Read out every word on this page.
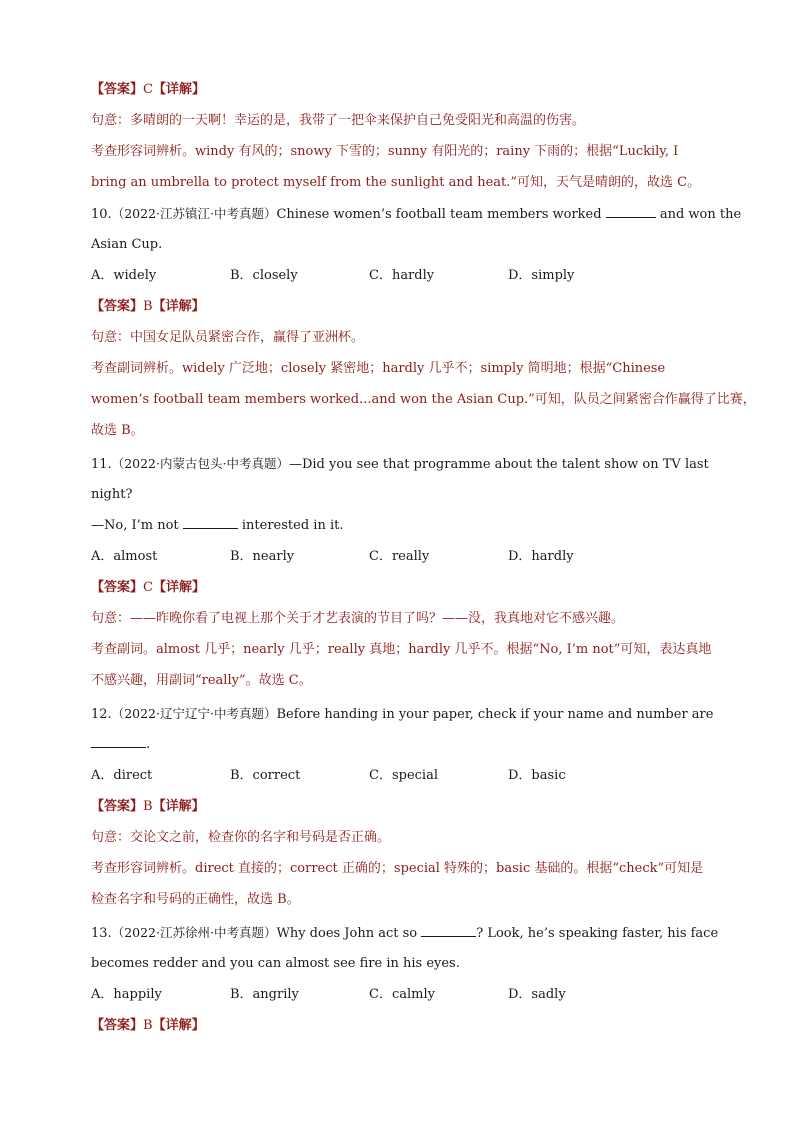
【答案】C【详解】
句意：多晴朗的一天啊！幸运的是，我带了一把伞来保护自己免受阳光和高温的伤害。
考查形容词辨析。windy 有风的；snowy 下雪的；sunny 有阳光的；rainy 下雨的；根据“Luckily, I
bring an umbrella to protect myself from the sunlight and heat.”可知，天气是晴朗的，故选 C。
10.（2022·江苏镇江·中考真题）Chinese women’s football team members worked	and won the
Asian Cup.
A．widely	B．closely	C．hardly	D．simply
【答案】B【详解】
句意：中国女足队员紧密合作，赢得了亚洲杯。
考查副词辨析。widely 广泛地；closely 紧密地；hardly 几乎不；simply 简明地；根据“Chinese
women’s football team members worked...and won the Asian Cup.”可知，队员之间紧密合作赢得了比赛，
故选 B。
11.（2022·内蒙古包头·中考真题）—Did you see that programme about the talent show on TV last
night?
—No, I’m not	interested in it.
A．almost	B．nearly	C．really	D．hardly
【答案】C【详解】
句意：——昨晚你看了电视上那个关于才艺表演的节目了吗？——没，我真地对它不感兴趣。
考查副词。almost 几乎；nearly 几乎；really 真地；hardly 几乎不。根据“No, I’m not”可知，表达真地
不感兴趣，用副词“really”。故选 C。
12.（2022·辽宁辽宁·中考真题）Before handing in your paper, check if your name and number are
.
A．direct	B．correct	C．special	D．basic
【答案】B【详解】
句意：交论文之前，检查你的名字和号码是否正确。
考查形容词辨析。direct 直接的；correct 正确的；special 特殊的；basic 基础的。根据“check”可知是
检查名字和号码的正确性，故选 B。
13.（2022·江苏徐州·中考真题）Why does John act so	? Look, he’s speaking faster, his face
becomes redder and you can almost see fire in his eyes.
A．happily	B．angrily	C．calmly	D．sadly
【答案】B【详解】
